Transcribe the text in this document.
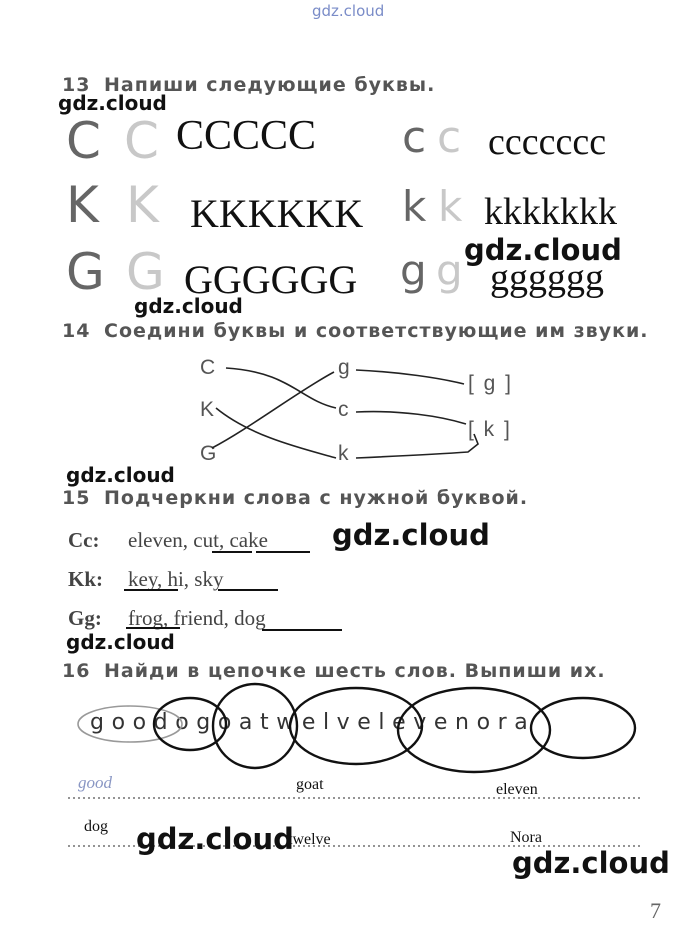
gdz.cloud
13 Напиши следующие буквы.
gdz.cloud
C C CCCCC c c ccccccc
K K KKKKKK k k kkkkkkk
gdz.cloud
G G GGGGGG g g gggggg
gdz.cloud
14 Соедини буквы и соответствующие им звуки.
C
K
G
g
c
k
[ g ]
[ k ]
gdz.cloud
15 Подчеркни слова с нужной буквой.
Cc: eleven, cut, cake
Kk: key, hi, sky
Gg: frog, friend, dog
gdz.cloud
gdz.cloud
16 Найди в цепочке шесть слов. Выпиши их.
goodogoatwelvelevenora
good	goat	eleven
dog
twelve	Nora
gdz.cloud
gdz.cloud
7
